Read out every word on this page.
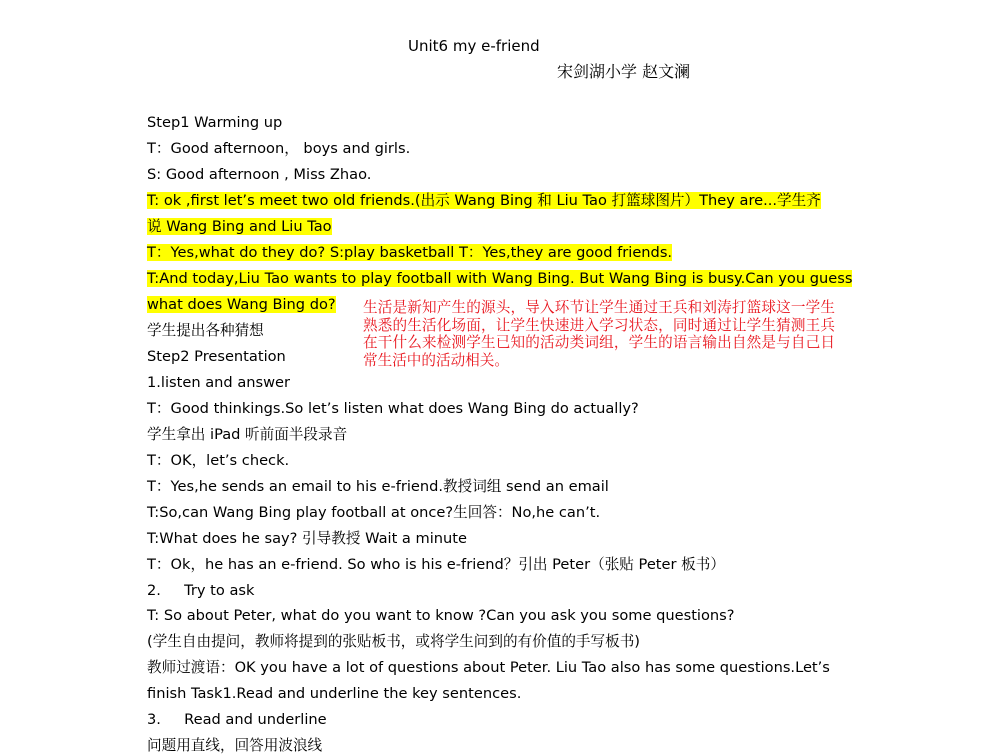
Unit6 my e-friend
宋剑湖小学 赵文澜
Step1 Warming up
T：Good afternoon， boys and girls.
S: Good afternoon , Miss Zhao.
T: ok ,first let’s meet two old friends.(出示 Wang Bing 和 Liu Tao 打篮球图片）They are...学生齐
说 Wang Bing and Liu Tao
T：Yes,what do they do? S:play basketball T：Yes,they are good friends.
T:And today,Liu Tao wants to play football with Wang Bing. But Wang Bing is busy.Can you guess
what does Wang Bing do?
学生提出各种猜想
Step2 Presentation
1.listen and answer
T：Good thinkings.So let’s listen what does Wang Bing do actually?
学生拿出 iPad 听前面半段录音
T：OK，let’s check.
T：Yes,he sends an email to his e-friend.教授词组 send an email
T:So,can Wang Bing play football at once?生回答：No,he can’t.
T:What does he say? 引导教授 Wait a minute
T：Ok，he has an e-friend. So who is his e-friend？引出 Peter（张贴 Peter 板书）
2.     Try to ask
T: So about Peter, what do you want to know ?Can you ask you some questions?
(学生自由提问，教师将提到的张贴板书，或将学生问到的有价值的手写板书)
教师过渡语：OK you have a lot of questions about Peter. Liu Tao also has some questions.Let’s
finish Task1.Read and underline the key sentences.
3.     Read and underline
问题用直线，回答用波浪线
生活是新知产生的源头，导入环节让学生通过王兵和刘涛打篮球这一学生熟悉的生活化场面，让学生快速进入学习状态，同时通过让学生猜测王兵在干什么来检测学生已知的活动类词组，学生的语言输出自然是与自己日常生活中的活动相关。
